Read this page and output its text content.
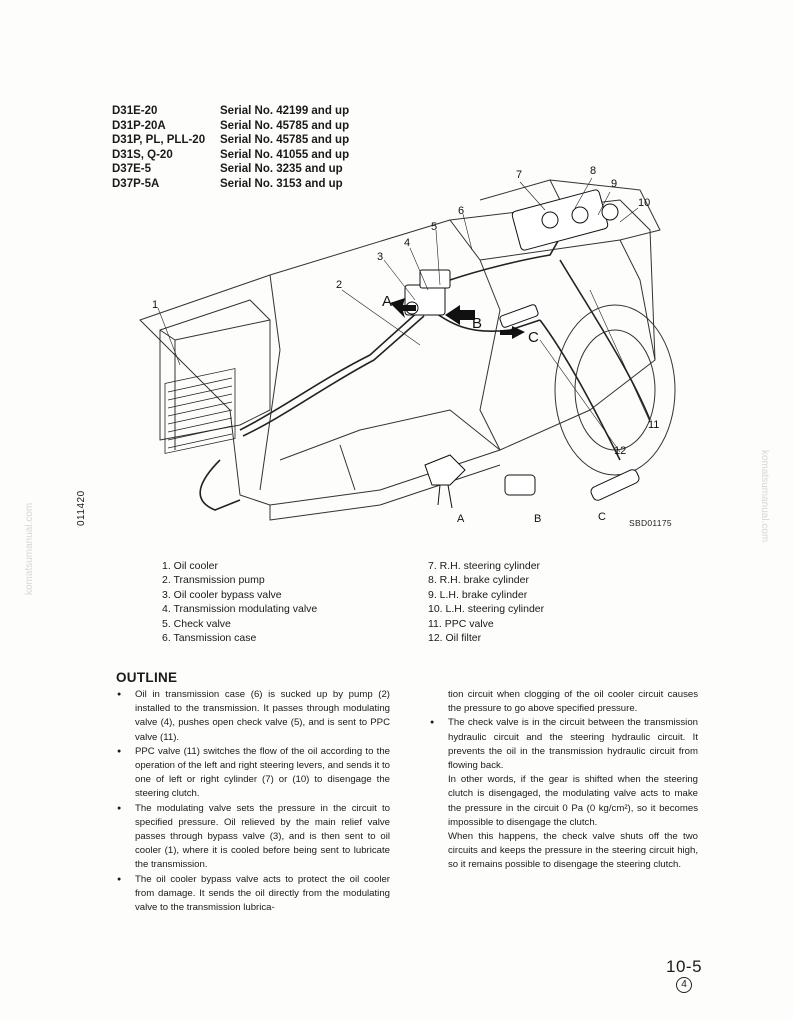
D31E-20	Serial No. 42199 and up
D31P-20A	Serial No. 45785 and up
D31P, PL, PLL-20	Serial No. 45785 and up
D31S, Q-20	Serial No. 41055 and up
D37E-5	Serial No. 3235 and up
D37P-5A	Serial No. 3153 and up
1
2
3
4
5
6
7	8
9
10
11
12
A
B
C
A	B	C	SBD01175
011420
komatsumanual.com
komatsumanual.com
1. Oil cooler
2. Transmission pump
3. Oil cooler bypass valve
4. Transmission modulating valve
5. Check valve
6. Tansmission case
7. R.H. steering cylinder
8. R.H. brake cylinder
9. L.H. brake cylinder
10. L.H. steering cylinder
11. PPC valve
12. Oil filter
OUTLINE
● Oil in transmission case (6) is sucked up by pump (2) installed to the transmission. It passes through modulating valve (4), pushes open check valve (5), and is sent to PPC valve (11).
● PPC valve (11) switches the flow of the oil according to the operation of the left and right steering levers, and sends it to one of left or right cylinder (7) or (10) to disengage the steering clutch.
● The modulating valve sets the pressure in the circuit to specified pressure. Oil relieved by the main relief valve passes through bypass valve (3), and is then sent to oil cooler (1), where it is cooled before being sent to lubricate the transmission.
● The oil cooler bypass valve acts to protect the oil cooler from damage. It sends the oil directly from the modulating valve to the transmission lubrica-
tion circuit when clogging of the oil cooler circuit causes the pressure to go above specified pressure.
● The check valve is in the circuit between the transmission hydraulic circuit and the steering hydraulic circuit. It prevents the oil in the transmission hydraulic circuit from flowing back.
In other words, if the gear is shifted when the steering clutch is disengaged, the modulating valve acts to make the pressure in the circuit 0 Pa (0 kg/cm²), so it becomes impossible to disengage the clutch.
When this happens, the check valve shuts off the two circuits and keeps the pressure in the steering circuit high, so it remains possible to disengage the steering clutch.
10-5
4
